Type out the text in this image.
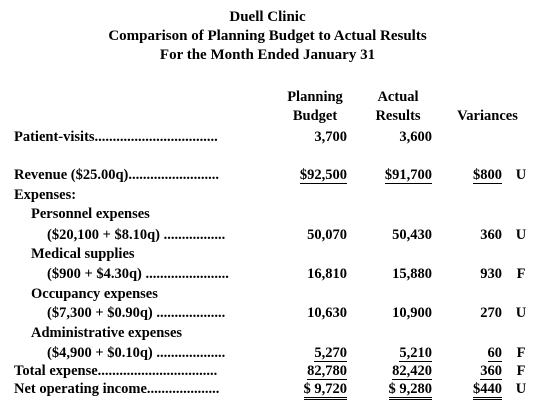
Duell Clinic
Comparison of Planning Budget to Actual Results
For the Month Ended January 31
Planning
Budget
Actual
Results	Variances
Patient-visits..................................	3,700	3,600
Revenue ($25.00q).........................	$92,500	$91,700	$800 U
Expenses:
Personnel expenses
($20,100 + $8.10q) .................	50,070	50,430	360 U
Medical supplies
($900 + $4.30q) .......................	16,810	15,880	930 F
Occupancy expenses
($7,300 + $0.90q) ...................	10,630	10,900	270 U
Administrative expenses
($4,900 + $0.10q) ...................	5,270	5,210	60 F
Total expense.................................	82,780	82,420	360 F
Net operating income....................	$ 9,720	$ 9,280	$440 U
